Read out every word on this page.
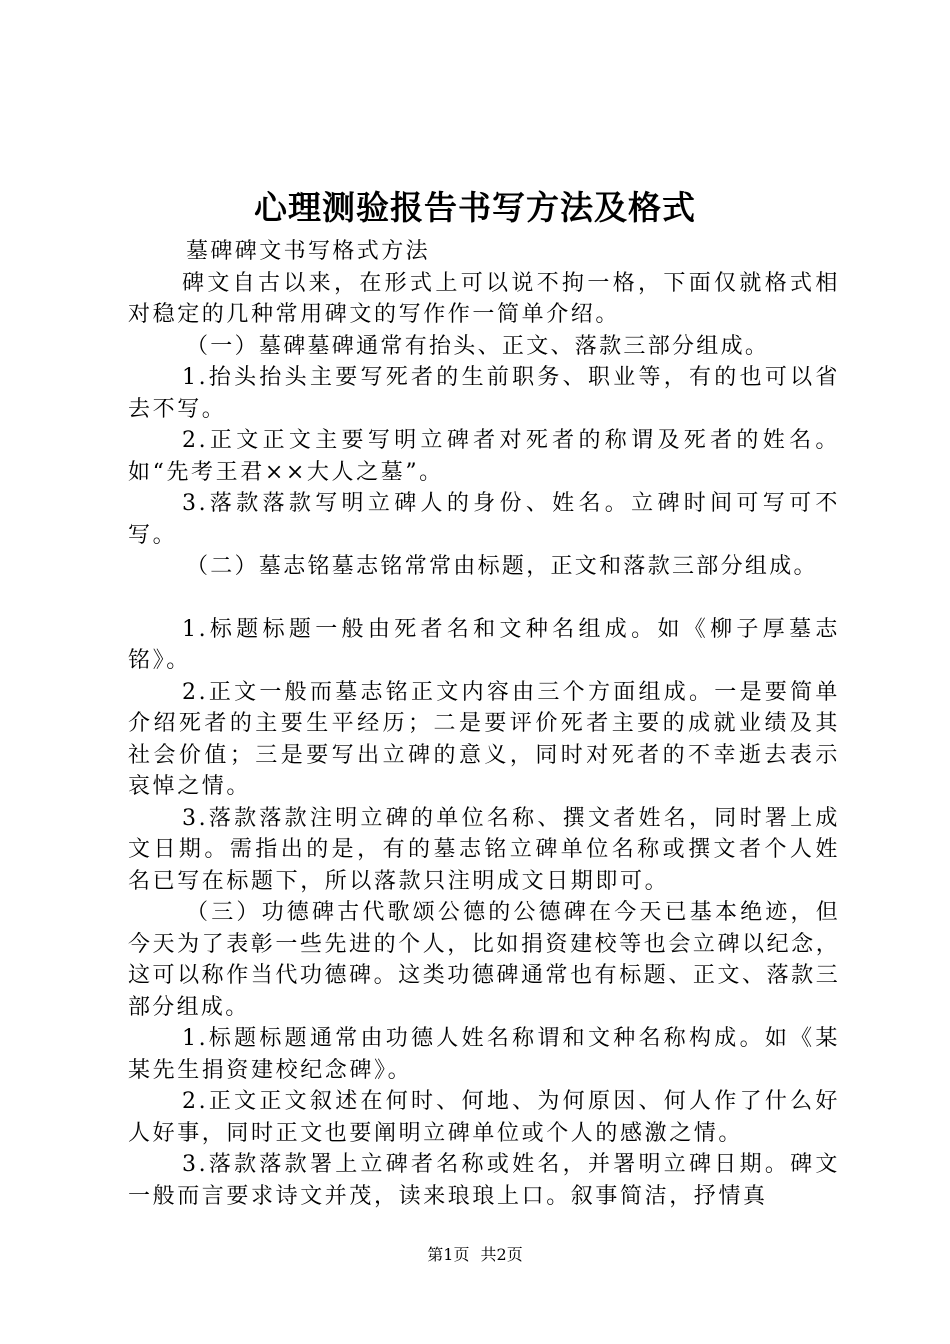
心理测验报告书写方法及格式

墓碑碑文书写格式方法

碑文自古以来，在形式上可以说不拘一格，下面仅就格式相对稳定的几种常用碑文的写作作一简单介绍。

（一）墓碑墓碑通常有抬头、正文、落款三部分组成。

1.抬头抬头主要写死者的生前职务、职业等，有的也可以省去不写。

2.正文正文主要写明立碑者对死者的称谓及死者的姓名。如“先考王君××大人之墓”。

3.落款落款写明立碑人的身份、姓名。立碑时间可写可不写。

（二）墓志铭墓志铭常常由标题，正文和落款三部分组成。

1.标题标题一般由死者名和文种名组成。如《柳子厚墓志铭》。

2.正文一般而墓志铭正文内容由三个方面组成。一是要简单介绍死者的主要生平经历；二是要评价死者主要的成就业绩及其社会价值；三是要写出立碑的意义，同时对死者的不幸逝去表示哀悼之情。

3.落款落款注明立碑的单位名称、撰文者姓名，同时署上成文日期。需指出的是，有的墓志铭立碑单位名称或撰文者个人姓名已写在标题下，所以落款只注明成文日期即可。

（三）功德碑古代歌颂公德的公德碑在今天已基本绝迹，但今天为了表彰一些先进的个人，比如捐资建校等也会立碑以纪念，这可以称作当代功德碑。这类功德碑通常也有标题、正文、落款三部分组成。

1.标题标题通常由功德人姓名称谓和文种名称构成。如《某某先生捐资建校纪念碑》。

2.正文正文叙述在何时、何地、为何原因、何人作了什么好人好事，同时正文也要阐明立碑单位或个人的感激之情。

3.落款落款署上立碑者名称或姓名，并署明立碑日期。碑文一般而言要求诗文并茂，读来琅琅上口。叙事简洁，抒情真

第1页 共2页
